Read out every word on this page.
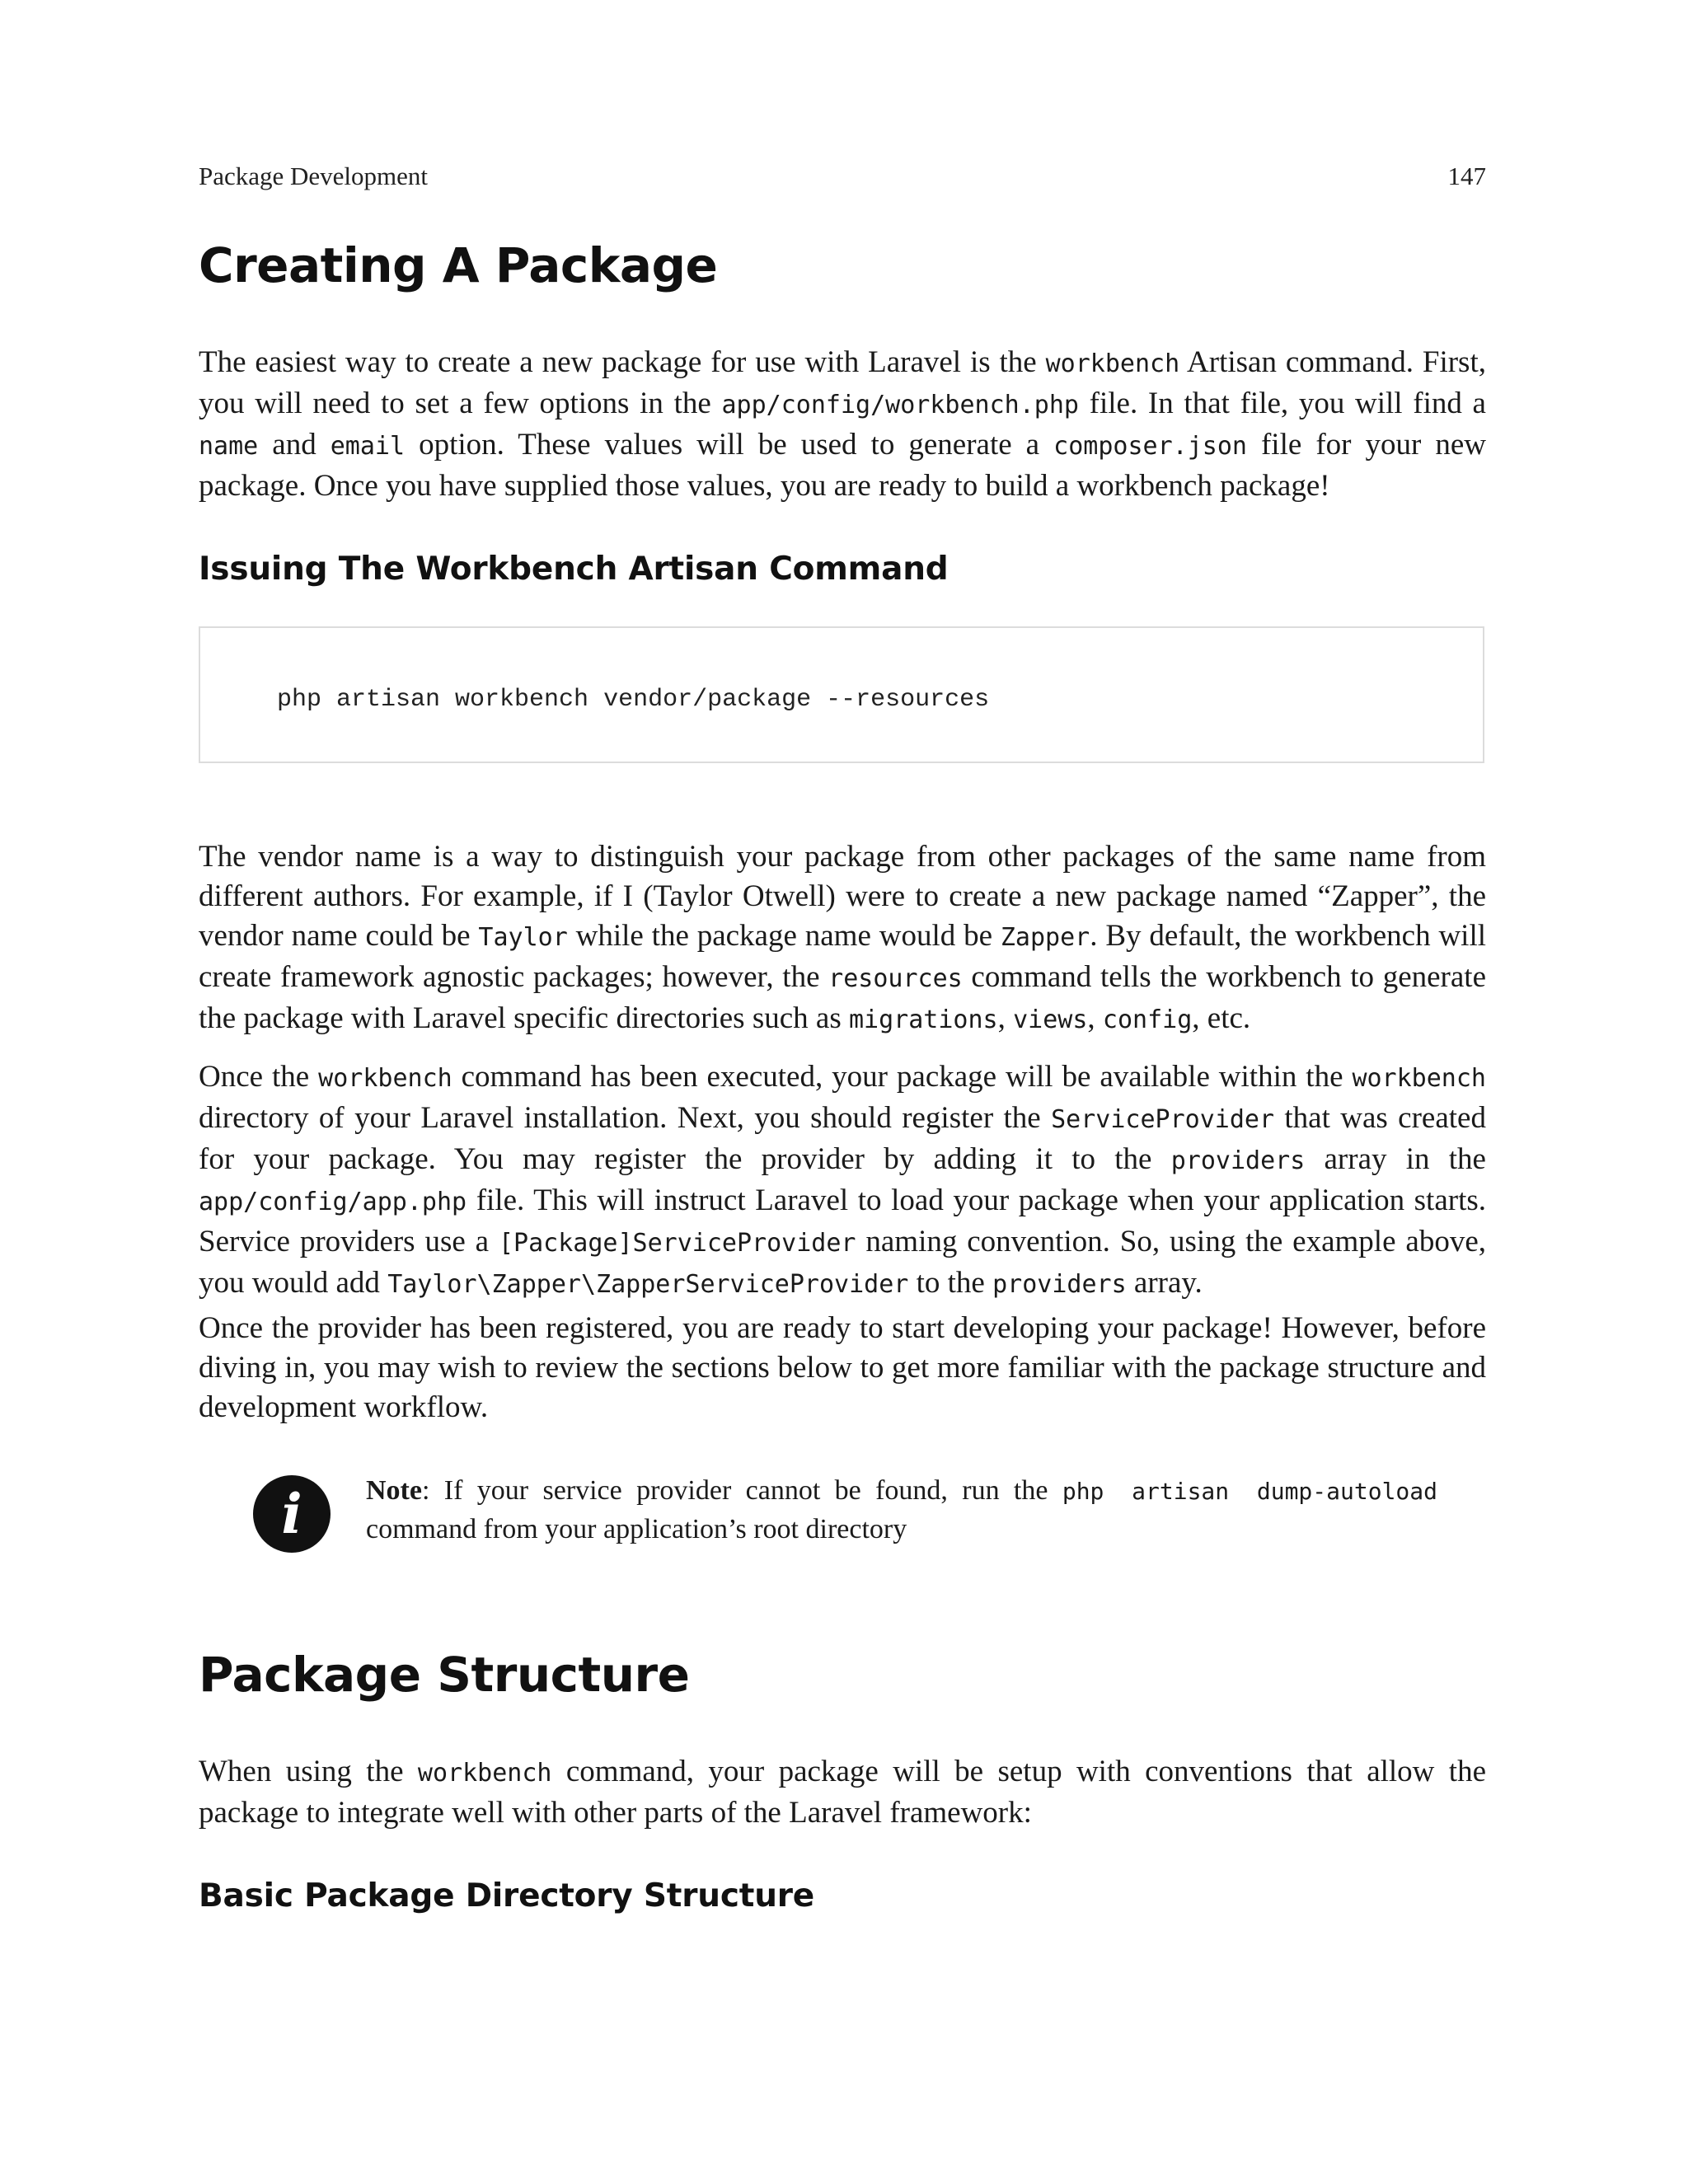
Package Development	147
Creating A Package

The easiest way to create a new package for use with Laravel is the workbench Artisan command. First, you will need to set a few options in the app/config/workbench.php file. In that file, you will find a name and email option. These values will be used to generate a composer.json file for your new package. Once you have supplied those values, you are ready to build a workbench package!

Issuing The Workbench Artisan Command
php artisan workbench vendor/package --resources

The vendor name is a way to distinguish your package from other packages of the same name from different authors. For example, if I (Taylor Otwell) were to create a new package named “Zapper”, the vendor name could be Taylor while the package name would be Zapper. By default, the workbench will create framework agnostic packages; however, the resources command tells the workbench to generate the package with Laravel specific directories such as migrations, views, config, etc.

Once the workbench command has been executed, your package will be available within the workbench directory of your Laravel installation. Next, you should register the ServiceProvider that was created for your package. You may register the provider by adding it to the providers array in the app/config/app.php file. This will instruct Laravel to load your package when your application starts. Service providers use a [Package]ServiceProvider naming convention. So, using the example above, you would add Taylor\Zapper\ZapperServiceProvider to the providers array.

Once the provider has been registered, you are ready to start developing your package! However, before diving in, you may wish to review the sections below to get more familiar with the package structure and development workflow.

i	Note: If your service provider cannot be found, run the php artisan dump-autoload command from your application’s root directory

Package Structure

When using the workbench command, your package will be setup with conventions that allow the package to integrate well with other parts of the Laravel framework:

Basic Package Directory Structure
